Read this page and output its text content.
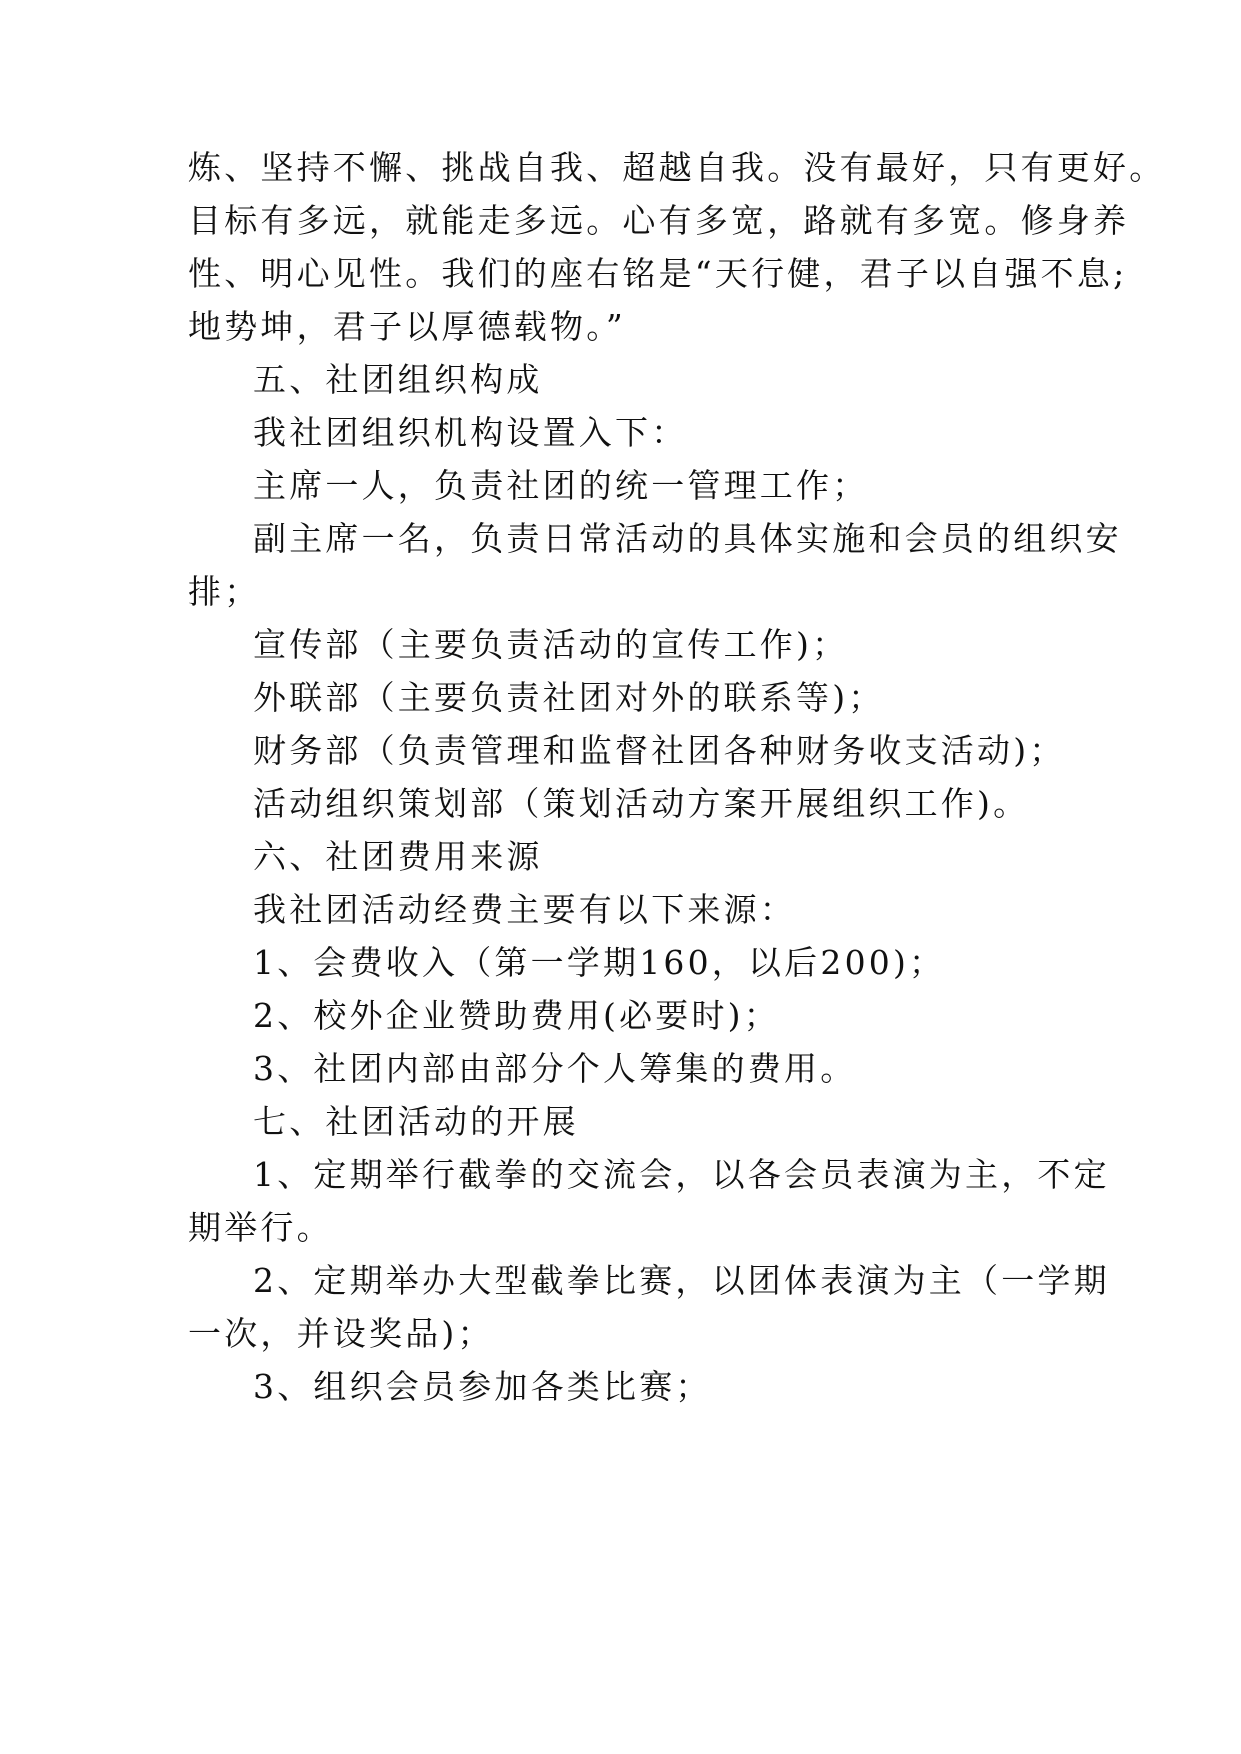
炼、坚持不懈、挑战自我、超越自我。没有最好，只有更好。
目标有多远，就能走多远。心有多宽，路就有多宽。修身养
性、明心见性。我们的座右铭是“天行健，君子以自强不息;
地势坤，君子以厚德载物。”
五、社团组织构成
我社团组织机构设置入下：
主席一人，负责社团的统一管理工作；
副主席一名，负责日常活动的具体实施和会员的组织安
排；
宣传部（主要负责活动的宣传工作)；
外联部（主要负责社团对外的联系等)；
财务部（负责管理和监督社团各种财务收支活动)；
活动组织策划部（策划活动方案开展组织工作)。
六、社团费用来源
我社团活动经费主要有以下来源：
1、会费收入（第一学期160，以后200)；
2、校外企业赞助费用(必要时)；
3、社团内部由部分个人筹集的费用。
七、社团活动的开展
1、定期举行截拳的交流会，以各会员表演为主，不定
期举行。
2、定期举办大型截拳比赛，以团体表演为主（一学期
一次，并设奖品)；
3、组织会员参加各类比赛；
